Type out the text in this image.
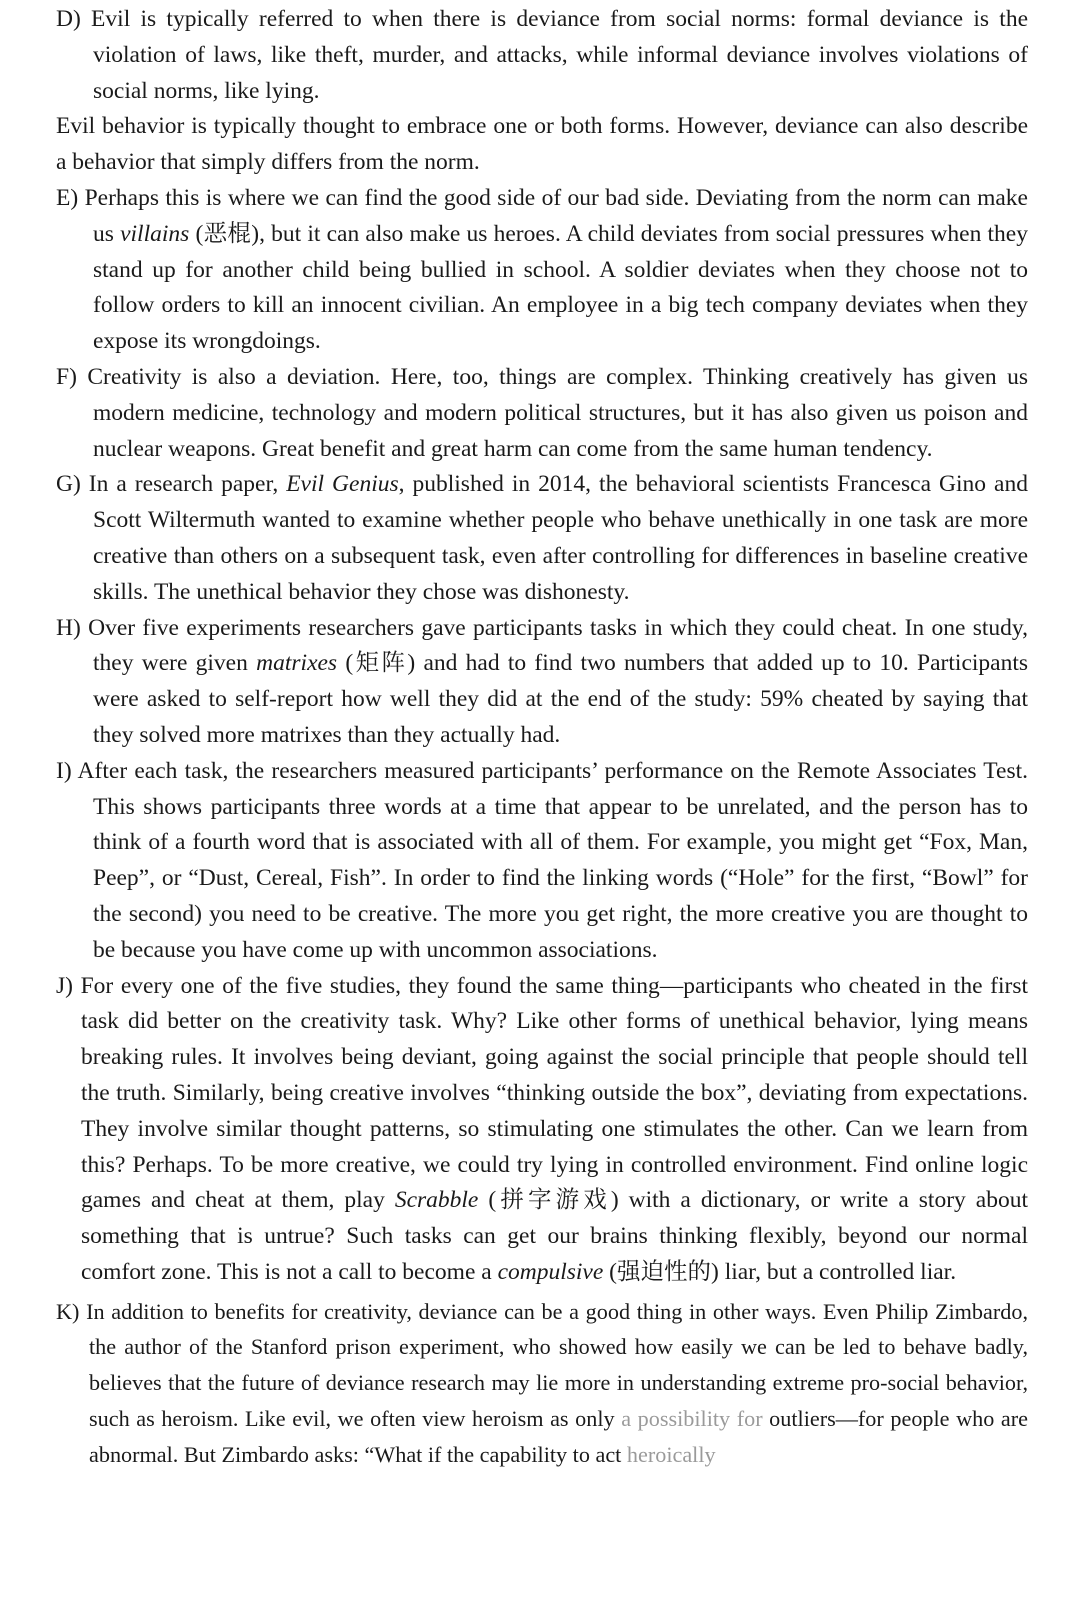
D) Evil is typically referred to when there is deviance from social norms: formal deviance is the violation of laws, like theft, murder, and attacks, while informal deviance involves violations of social norms, like lying.

Evil behavior is typically thought to embrace one or both forms. However, deviance can also describe a behavior that simply differs from the norm.

E) Perhaps this is where we can find the good side of our bad side. Deviating from the norm can make us villains (恶棍), but it can also make us heroes. A child deviates from social pressures when they stand up for another child being bullied in school. A soldier deviates when they choose not to follow orders to kill an innocent civilian. An employee in a big tech company deviates when they expose its wrongdoings.

F) Creativity is also a deviation. Here, too, things are complex. Thinking creatively has given us modern medicine, technology and modern political structures, but it has also given us poison and nuclear weapons. Great benefit and great harm can come from the same human tendency.

G) In a research paper, Evil Genius, published in 2014, the behavioral scientists Francesca Gino and Scott Wiltermuth wanted to examine whether people who behave unethically in one task are more creative than others on a subsequent task, even after controlling for differences in baseline creative skills. The unethical behavior they chose was dishonesty.

H) Over five experiments researchers gave participants tasks in which they could cheat. In one study, they were given matrixes (矩阵) and had to find two numbers that added up to 10. Participants were asked to self-report how well they did at the end of the study: 59% cheated by saying that they solved more matrixes than they actually had.

I) After each task, the researchers measured participants’ performance on the Remote Associates Test. This shows participants three words at a time that appear to be unrelated, and the person has to think of a fourth word that is associated with all of them. For example, you might get “Fox, Man, Peep”, or “Dust, Cereal, Fish”. In order to find the linking words (“Hole” for the first, “Bowl” for the second) you need to be creative. The more you get right, the more creative you are thought to be because you have come up with uncommon associations.

J) For every one of the five studies, they found the same thing—participants who cheated in the first task did better on the creativity task. Why? Like other forms of unethical behavior, lying means breaking rules. It involves being deviant, going against the social principle that people should tell the truth. Similarly, being creative involves “thinking outside the box”, deviating from expectations. They involve similar thought patterns, so stimulating one stimulates the other. Can we learn from this? Perhaps. To be more creative, we could try lying in controlled environment. Find online logic games and cheat at them, play Scrabble (拼字游戏) with a dictionary, or write a story about something that is untrue? Such tasks can get our brains thinking flexibly, beyond our normal comfort zone. This is not a call to become a compulsive (强迫性的) liar, but a controlled liar.

K) In addition to benefits for creativity, deviance can be a good thing in other ways. Even Philip Zimbardo, the author of the Stanford prison experiment, who showed how easily we can be led to behave badly, believes that the future of deviance research may lie more in understanding extreme pro-social behavior, such as heroism. Like evil, we often view heroism as only a possibility for outliers—for people who are abnormal. But Zimbardo asks: “What if the capability to act heroically
